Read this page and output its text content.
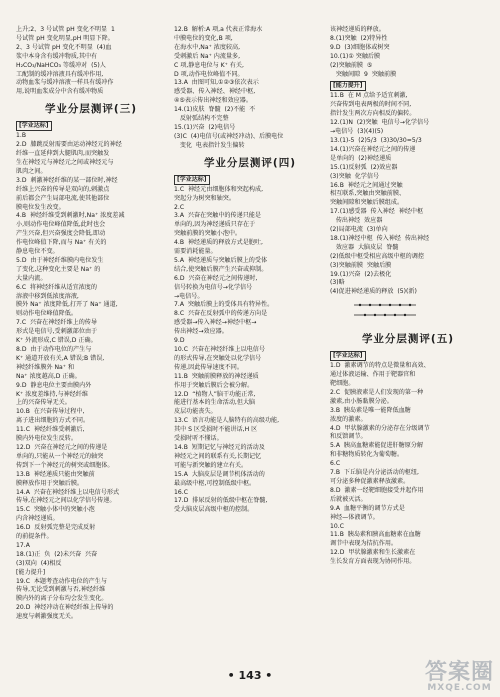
上升;2、3 号试管 pH 变化不明显  1

号试管 pH 变化明显,pH 明显下降。

2、3 号试管 pH 变化不明显  (4)血

浆中本身含有缓冲物质,其中有

H₂CO₃/NaHCO₃ 等缓冲对  (5)人

工配制的缓冲溶液具有缓冲作用,

动物血浆与缓冲溶液一样具有缓冲作

用,说明血浆成分中含有缓冲物质

学业分层测评(三)
[学业达标]

1.B

2.D  膝跳反射需要由运动神经元的神经

纤维一直延伸到大腿肌肉,而突触发

生在神经元与神经元之间或神经元与

肌肉之间。

3.D  刺激神经纤维的某一部位时,神经

纤维上兴奋的传导是双向的,刺激点

前后都会产生局部电流,使其他部位

膜电位发生改变。

4.B  神经纤维受到刺激时,Na⁺ 浓度差减

小,则动作电位峰值降低,此时也会

产生兴奋,但兴奋强度会降低,即动

作电位峰值下降,而与 Na⁺ 有关的

静息电位不变。

5.D  由于神经纤维膜内电位发生

了变化,这种变化主要是 Na⁺ 的

大量内流。

6.C  将神经纤维从适宜浓度的

溶液中移到低浓度溶液,

膜外 Na⁺ 浓度降低,打开了 Na⁺ 通道,

则动作电位峰值降低。

7.C  兴奋在神经纤维上的传导

形式是电信号,受刺激部位由于

K⁺ 外流形成,C 错误,D 正确。

8.D  由于动作电位的产生与

K⁺ 通道开放有关,A 错误;B 错误,

神经纤维膜外 Na⁺ 和

Na⁺ 浓度越高,D 正确。

9.D  静息电位主要由膜内外

K⁺ 浓度差维持,与神经纤维

上的兴奋传导无关。

10.B  在兴奋传导过程中,

离子进出细胞的方式不同。

11.C  神经纤维受刺激后,

膜内外电位发生反转。

12.D  兴奋在神经元之间的传递是

单向的,只能从一个神经元的轴突

传到下一个神经元的树突或细胞体。

13.B  神经递质只能由突触前

膜释放作用于突触后膜。

14.A  兴奋在神经纤维上以电信号形式

传导,在神经元之间以化学信号传递。

15.C  突触小体中的突触小泡

内含神经递质。

16.D  反射弧完整是完成反射

的前提条件。

17.A

18.(1)正  负  (2)未兴奋  兴奋

(3)双向  (4)相反

[能力提升]

19.C  本题考查动作电位的产生与

传导,无论受到刺激与否,神经纤维

膜内外的离子分布均会发生变化。

20.D  神经冲动在神经纤维上传导的

速度与刺激强度无关。

12.B  解析:A 项,a 代表正常海水

中膜电位的变化,B 项,

在海水中,Na⁺ 浓度较高,

受刺激后 Na⁺ 内流量多,

C 项,静息电位与 K⁺ 有关,

D 项,动作电位峰值不同。

13.A  由图可知,①②③依次表示

感受器、传入神经、神经中枢,

④⑤表示传出神经和效应器。

14.(1)皮肤  脊髓  (2)不能  不

反射弧结构不完整

15.(1)兴奋  (2)电信号

(3)C  (4)电信号(或神经冲动)、后膜电位

变化  电表指针发生偏转

学业分层测评(四)
[学业达标]

1.C  神经元由细胞体和突起构成,

突起分为树突和轴突。

2.C

3.A  兴奋在突触中的传递只能是

单向的,因为神经递质只存在于

突触前膜的突触小泡中。

4.B  神经递质的释放方式是胞吐,

需要消耗能量。

5.A  神经递质与突触后膜上的受体

结合,使突触后膜产生兴奋或抑制。

6.D  兴奋在神经元之间传递时,

信号转换为电信号→化学信号

→电信号。

7.A  突触后膜上的受体具有特异性。

8.C  兴奋在反射弧中的传递方向是

感受器→传入神经→神经中枢→

传出神经→效应器。

9.D

10.C  兴奋在神经纤维上以电信号

的形式传导,在突触处以化学信号

传递,因此传导速度不同。

11.B  突触前膜释放的神经递质

作用于突触后膜后会被分解。

12.D  “植物人”脑干功能正常,

能进行基本的生命活动,但大脑

皮层功能丧失。

13.C  语言功能是人脑特有的高级功能,

其中 S 区受损时不能讲话,H 区

受损时听不懂话。

14.B  短期记忆与神经元的活动及

神经元之间的联系有关,长期记忆

可能与新突触的建立有关。

15.A  大脑皮层是调节机体活动的

最高级中枢,可控制低级中枢。

16.C

17.D  排尿反射的低级中枢在脊髓,

受大脑皮层高级中枢的控制。

该神经递质的释放。

8.(1)突触  (2)特异性

9.D  (3)细胞体或树突

10.(1)① 突触后膜

(2)突触前膜  ⑤

突触间隙  9  突触前膜

[能力提升]

11.B  在 M 点给予适宜刺激,

兴奋传到电表两极的时间不同,

指针发生两次方向相反的偏转。

12.(1)N  (2)突触  电信号→化学信号

→电信号  (3)(4)(5)

13.(1)-5  (2)5/3  (3)30/30=5/3

14.(1)兴奋在神经元之间的传递

是单向的  (2)神经递质

15.(1)反射弧  (2)效应器

(3)突触  化学信号

16.B  神经元之间通过突触

相互联系,突触由突触前膜、

突触间隙和突触后膜组成。

17.(1)感受器  传入神经  神经中枢

传出神经  效应器

(2)局部电流  (3)单向

18.(1)神经中枢  传入神经  传出神经

效应器  大脑皮层  脊髓

(2)低级中枢受相应高级中枢的调控

(3)突触前膜  突触后膜

19.(1)兴奋  (2)去极化

(3)略

(4)促进神经递质的释放  (5)(新)

学业分层测评(五)
[学业达标]

1.D  激素调节的特点是微量和高效、

通过体液运输、作用于靶器官和

靶细胞。

2.C  促胰液素是人们发现的第一种

激素,由小肠黏膜分泌。

3.B  胰岛素是唯一能降低血糖

浓度的激素。

4.D  甲状腺激素的分泌存在分级调节

和反馈调节。

5.A  胰高血糖素能促进肝糖原分解

和非糖物质转化为葡萄糖。

6.C

7.B  下丘脑是内分泌活动的枢纽,

可分泌多种促激素释放激素。

8.D  激素一经靶细胞接受并起作用

后就被灭活。

9.A  血糖平衡的调节方式是

神经—体液调节。

10.C

11.B  胰岛素和胰高血糖素在血糖

调节中表现为拮抗作用。

12.D  甲状腺激素和生长激素在

生长发育方面表现为协同作用。

• 143 •	答案圈
MXQE.COM
